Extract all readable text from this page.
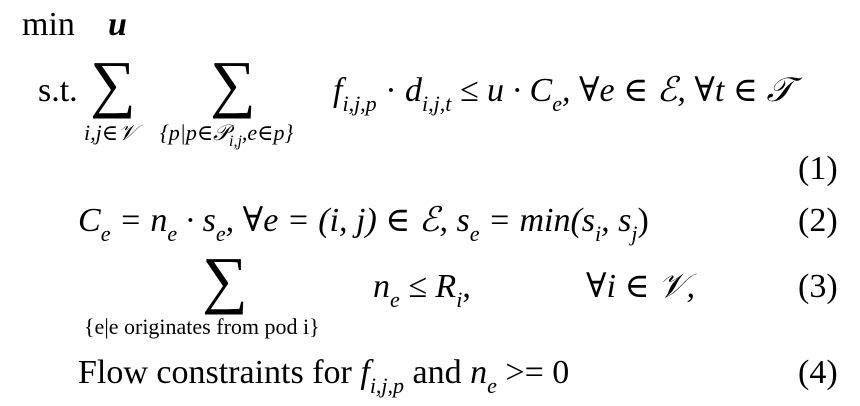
min u
s.t. ∑
i,j∈𝒱
∑
{p|p∈𝒫$_{i,j}$,e∈p}
$f_{i,j,p} \cdot d_{i,j,t} \le u \cdot C_e$, ∀e ∈ ℰ, ∀t ∈ 𝒯
(1)
$C_e = n_e \cdot s_e$, ∀e = (i, j) ∈ ℰ, $s_e = \min(s_i$, $s_j$)	(2)
∑
{e|e originates from pod i}
$n_e \le R_i$,	∀i ∈ 𝒱,	(3)
Flow constraints for $f_{i,j,p}$ and $n_e >= 0$	(4)
